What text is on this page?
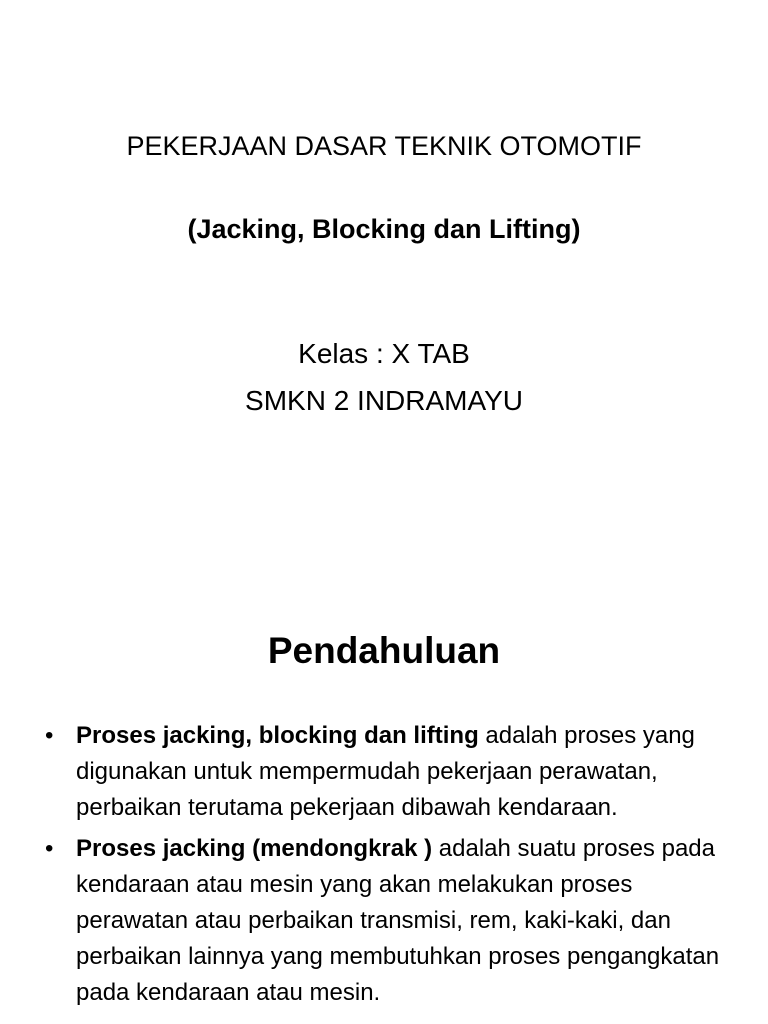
PEKERJAAN DASAR TEKNIK OTOMOTIF
(Jacking, Blocking dan Lifting)
Kelas : X TAB
SMKN 2 INDRAMAYU
Pendahuluan
• Proses jacking, blocking dan lifting adalah proses yang digunakan untuk mempermudah pekerjaan perawatan, perbaikan terutama pekerjaan dibawah kendaraan.
• Proses jacking (mendongkrak ) adalah suatu proses pada kendaraan atau mesin yang akan melakukan proses perawatan atau perbaikan transmisi, rem, kaki-kaki, dan perbaikan lainnya yang membutuhkan proses pengangkatan pada kendaraan atau mesin.
